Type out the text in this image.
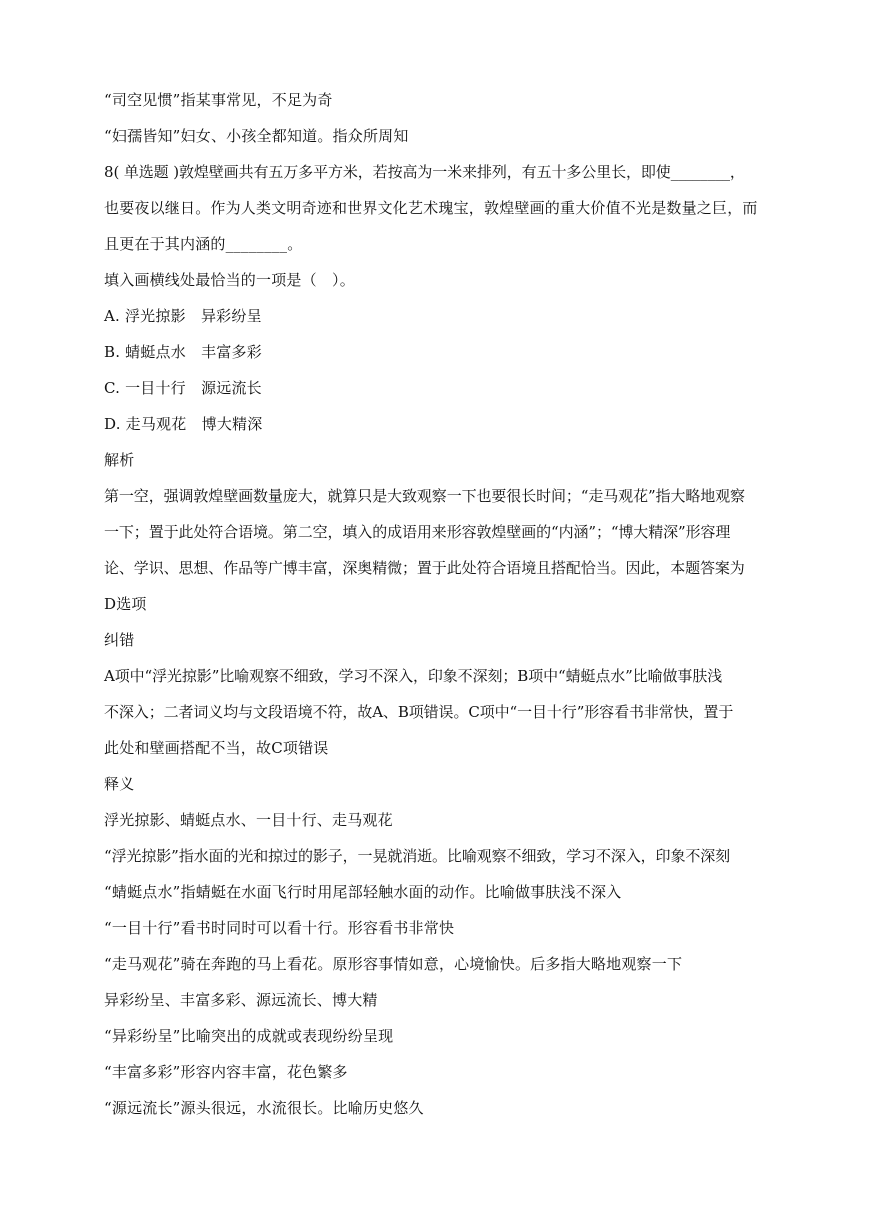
“司空见惯”指某事常见，不足为奇
“妇孺皆知”妇女、小孩全都知道。指众所周知
8( 单选题 )敦煌壁画共有五万多平方米，若按高为一米来排列，有五十多公里长，即使________，
也要夜以继日。作为人类文明奇迹和世界文化艺术瑰宝，敦煌壁画的重大价值不光是数量之巨，而
且更在于其内涵的________。
填入画横线处最恰当的一项是（　）。
A. 浮光掠影　异彩纷呈
B. 蜻蜓点水　丰富多彩
C. 一目十行　源远流长
D. 走马观花　博大精深
解析
第一空，强调敦煌壁画数量庞大，就算只是大致观察一下也要很长时间；“走马观花”指大略地观察
一下；置于此处符合语境。第二空，填入的成语用来形容敦煌壁画的“内涵”；“博大精深”形容理
论、学识、思想、作品等广博丰富，深奥精微；置于此处符合语境且搭配恰当。因此，本题答案为
D选项
纠错
A项中“浮光掠影”比喻观察不细致，学习不深入，印象不深刻；B项中“蜻蜓点水”比喻做事肤浅
不深入；二者词义均与文段语境不符，故A、B项错误。C项中“一目十行”形容看书非常快，置于
此处和壁画搭配不当，故C项错误
释义
浮光掠影、蜻蜓点水、一目十行、走马观花
“浮光掠影”指水面的光和掠过的影子，一晃就消逝。比喻观察不细致，学习不深入，印象不深刻
“蜻蜓点水”指蜻蜓在水面飞行时用尾部轻触水面的动作。比喻做事肤浅不深入
“一目十行”看书时同时可以看十行。形容看书非常快
“走马观花”骑在奔跑的马上看花。原形容事情如意，心境愉快。后多指大略地观察一下
异彩纷呈、丰富多彩、源远流长、博大精
“异彩纷呈”比喻突出的成就或表现纷纷呈现
“丰富多彩”形容内容丰富，花色繁多
“源远流长”源头很远，水流很长。比喻历史悠久
